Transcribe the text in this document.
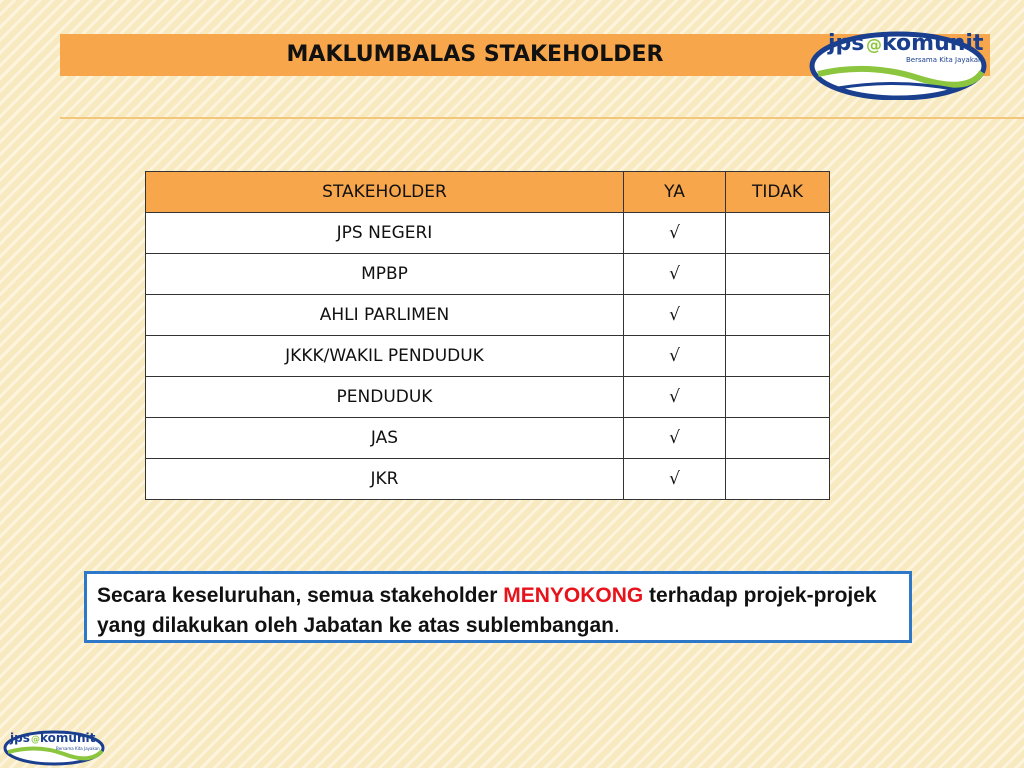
MAKLUMBALAS STAKEHOLDER	jps @ komunit
Bersama Kita Jayakan
jps @ komunit
Bersama Kita Jayakan
STAKEHOLDER	YA	TIDAK
JPS NEGERI	√	
MPBP	√	
AHLI PARLIMEN	√	
JKKK/WAKIL PENDUDUK	√	
PENDUDUK	√	
JAS	√	
JKR	√	
Secara keseluruhan, semua stakeholder MENYOKONG terhadap projek-projek yang dilakukan oleh Jabatan ke atas sublembangan.
